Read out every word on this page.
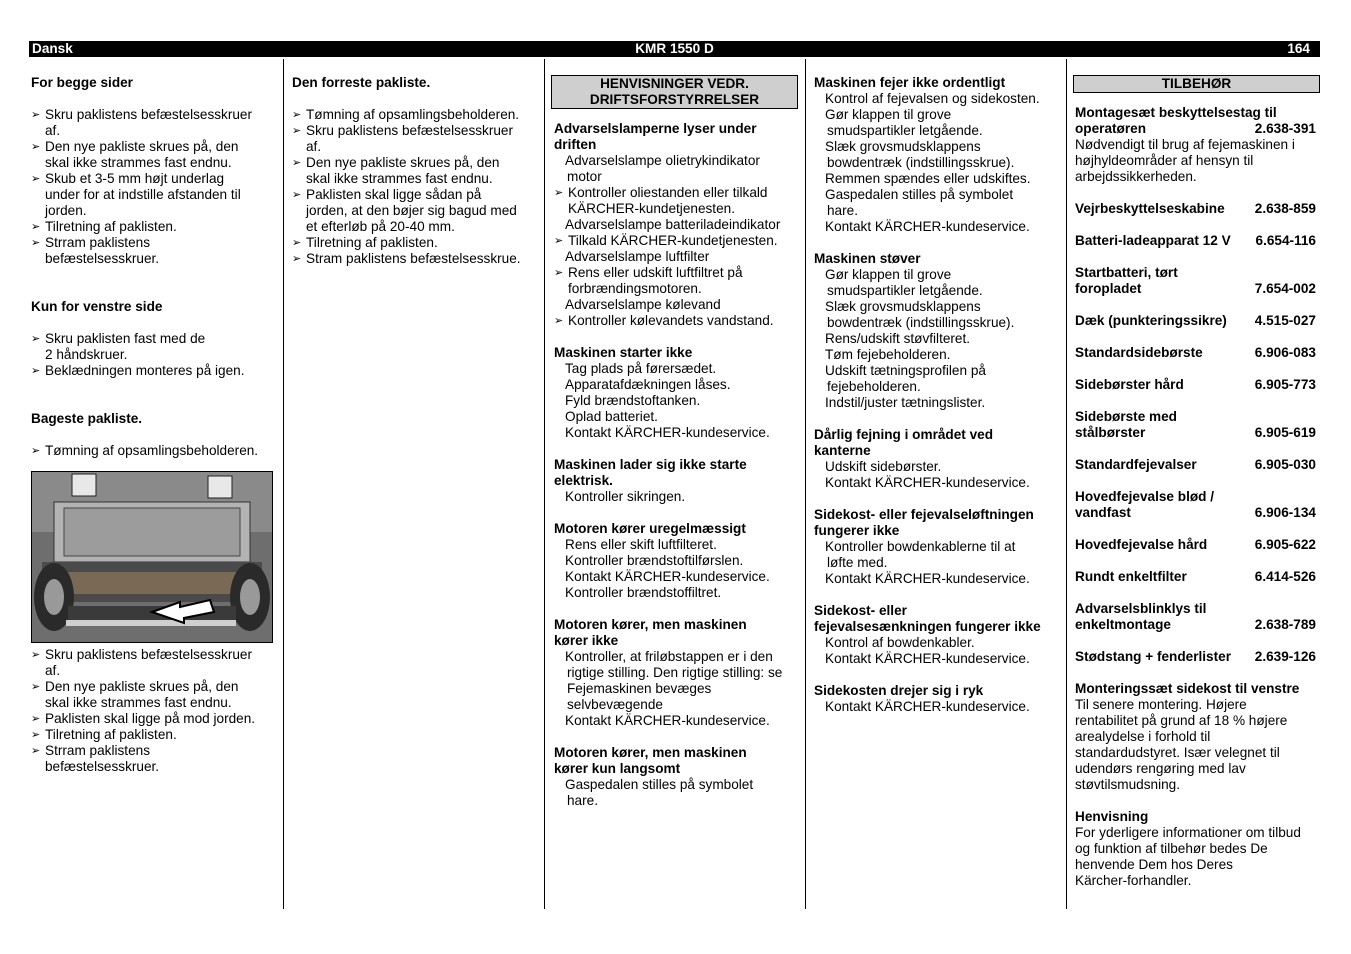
Dansk	KMR 1550 D	164
For begge sider
➢ Skru paklistens befæstelsesskruer
af.
➢ Den nye pakliste skrues på, den
skal ikke strammes fast endnu.
➢ Skub et 3-5 mm højt underlag
under for at indstille afstanden til
jorden.
➢ Tilretning af paklisten.
➢ Strram paklistens
befæstelsesskruer.
Kun for venstre side
➢ Skru paklisten fast med de
2 håndskruer.
➢ Beklædningen monteres på igen.
Bageste pakliste.
➢ Tømning af opsamlingsbeholderen.
➢ Skru paklistens befæstelsesskruer
af.
➢ Den nye pakliste skrues på, den
skal ikke strammes fast endnu.
➢ Paklisten skal ligge på mod jorden.
➢ Tilretning af paklisten.
➢ Strram paklistens
befæstelsesskruer.
Den forreste pakliste.
➢ Tømning af opsamlingsbeholderen.
➢ Skru paklistens befæstelsesskruer
af.
➢ Den nye pakliste skrues på, den
skal ikke strammes fast endnu.
➢ Paklisten skal ligge sådan på
jorden, at den bøjer sig bagud med
et efterløb på 20-40 mm.
➢ Tilretning af paklisten.
➢ Stram paklistens befæstelsesskrue.
HENVISNINGER VEDR.
DRIFTSFORSTYRRELSER
Advarselslamperne lyser under
driften
Advarselslampe olietrykindikator
motor
➢ Kontroller oliestanden eller tilkald
KÄRCHER-kundetjenesten.
Advarselslampe batteriladeindikator
➢ Tilkald KÄRCHER-kundetjenesten.
Advarselslampe luftfilter
➢ Rens eller udskift luftfiltret på
forbrændingsmotoren.
Advarselslampe kølevand
➢ Kontroller kølevandets vandstand.
Maskinen starter ikke
Tag plads på førersædet.
Apparatafdækningen låses.
Fyld brændstoftanken.
Oplad batteriet.
Kontakt KÄRCHER-kundeservice.
Maskinen lader sig ikke starte
elektrisk.
Kontroller sikringen.
Motoren kører uregelmæssigt
Rens eller skift luftfilteret.
Kontroller brændstoftilførslen.
Kontakt KÄRCHER-kundeservice.
Kontroller brændstoffiltret.
Motoren kører, men maskinen
kører ikke
Kontroller, at friløbstappen er i den
rigtige stilling. Den rigtige stilling: se
Fejemaskinen bevæges
selvbevægende
Kontakt KÄRCHER-kundeservice.
Motoren kører, men maskinen
kører kun langsomt
Gaspedalen stilles på symbolet
hare.
Maskinen fejer ikke ordentligt
Kontrol af fejevalsen og sidekosten.
Gør klappen til grove
smudspartikler letgående.
Slæk grovsmudsklappens
bowdentræk (indstillingsskrue).
Remmen spændes eller udskiftes.
Gaspedalen stilles på symbolet
hare.
Kontakt KÄRCHER-kundeservice.
Maskinen støver
Gør klappen til grove
smudspartikler letgående.
Slæk grovsmudsklappens
bowdentræk (indstillingsskrue).
Rens/udskift støvfilteret.
Tøm fejebeholderen.
Udskift tætningsprofilen på
fejebeholderen.
Indstil/juster tætningslister.
Dårlig fejning i området ved
kanterne
Udskift sidebørster.
Kontakt KÄRCHER-kundeservice.
Sidekost- eller fejevalseløftningen
fungerer ikke
Kontroller bowdenkablerne til at
løfte med.
Kontakt KÄRCHER-kundeservice.
Sidekost- eller
fejevalsesænkningen fungerer ikke
Kontrol af bowdenkabler.
Kontakt KÄRCHER-kundeservice.
Sidekosten drejer sig i ryk
Kontakt KÄRCHER-kundeservice.
TILBEHØR
Montagesæt beskyttelsestag til
operatøren	2.638-391
Nødvendigt til brug af fejemaskinen i
højhyldeområder af hensyn til
arbejdssikkerheden.
Vejrbeskyttelseskabine 2.638-859
Batteri-ladeapparat 12 V 6.654-116
Startbatteri, tørt
foropladet	7.654-002
Dæk (punkteringssikre) 4.515-027
Standardsidebørste	6.906-083
Sidebørster hård	6.905-773
Sidebørste med
stålbørster	6.905-619
Standardfejevalser	6.905-030
Hovedfejevalse blød /
vandfast	6.906-134
Hovedfejevalse hård	6.905-622
Rundt enkeltfilter	6.414-526
Advarselsblinklys til
enkeltmontage	2.638-789
Stødstang + fenderlister 2.639-126
Monteringssæt sidekost til venstre
Til senere montering. Højere
rentabilitet på grund af 18 % højere
arealydelse i forhold til
standardudstyret. Især velegnet til
udendørs rengøring med lav
støvtilsmudsning.
Henvisning
For yderligere informationer om tilbud
og funktion af tilbehør bedes De
henvende Dem hos Deres
Kärcher-forhandler.
